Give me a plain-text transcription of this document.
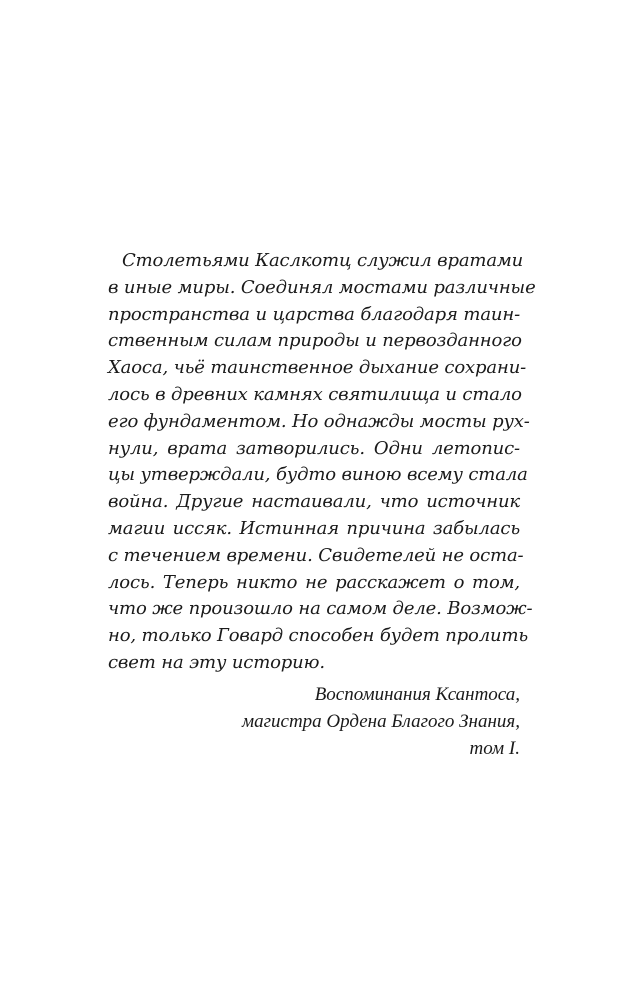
Столетьями Каслкотц служил вратами
в иные миры. Соединял мостами различные
пространства и царства благодаря таин-
ственным силам природы и первозданного
Хаоса, чьё таинственное дыхание сохрани-
лось в древних камнях святилища и стало
его фундаментом. Но однажды мосты рух-
нули, врата затворились. Одни летопис-
цы утверждали, будто виною всему стала
война. Другие настаивали, что источник
магии иссяк. Истинная причина забылась
с течением времени. Свидетелей не оста-
лось. Теперь никто не расскажет о том,
что же произошло на самом деле. Возмож-
но, только Говард способен будет пролить
свет на эту историю.
Воспоминания Ксантоса,
магистра Ордена Благого Знания,
том I.
